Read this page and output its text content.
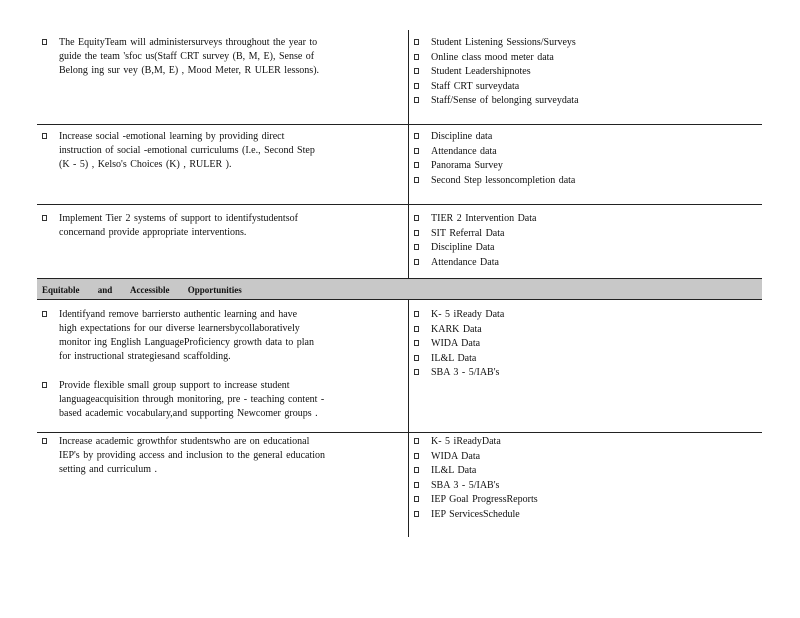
Equitable and Accessible Opportunities
The EquityTeam will administersurveys throughout the year to
guide the team 'sfoc us(Staff CRT survey (B, M, E), Sense of
Belong ing sur vey (B,M, E) , Mood Meter, R ULER lessons).
Student Listening Sessions/Surveys
Online class mood meter data
Student Leadershipnotes
Staff CRT surveydata
Staff/Sense of belonging surveydata
Increase social -emotional learning by providing direct
instruction of social -emotional curriculums (I.e., Second Step
(K - 5) , Kelso's Choices (K) , RULER ).
Discipline data
Attendance data
Panorama Survey
Second Step lessoncompletion data
Implement Tier 2 systems of support to identifystudentsof
concernand provide appropriate interventions.
TIER 2 Intervention Data
SIT Referral Data
Discipline Data
Attendance Data
Identifyand remove barriersto authentic learning and have
high expectations for our diverse learnersbycollaboratively
monitor ing English LanguageProficiency growth data to plan
for instructional strategiesand scaffolding.
Provide flexible small group support to increase student
languageacquisition through monitoring, pre - teaching content -
based academic vocabulary,and supporting Newcomer groups .
K- 5 iReady Data
KARK Data
WIDA Data
IL&L Data
SBA 3 - 5/IAB's
Increase academic growthfor studentswho are on educational
IEP's by providing access and inclusion to the general education
setting and curriculum .
K- 5 iReadyData
WIDA Data
IL&L Data
SBA 3 - 5/IAB's
IEP Goal ProgressReports
IEP ServicesSchedule
